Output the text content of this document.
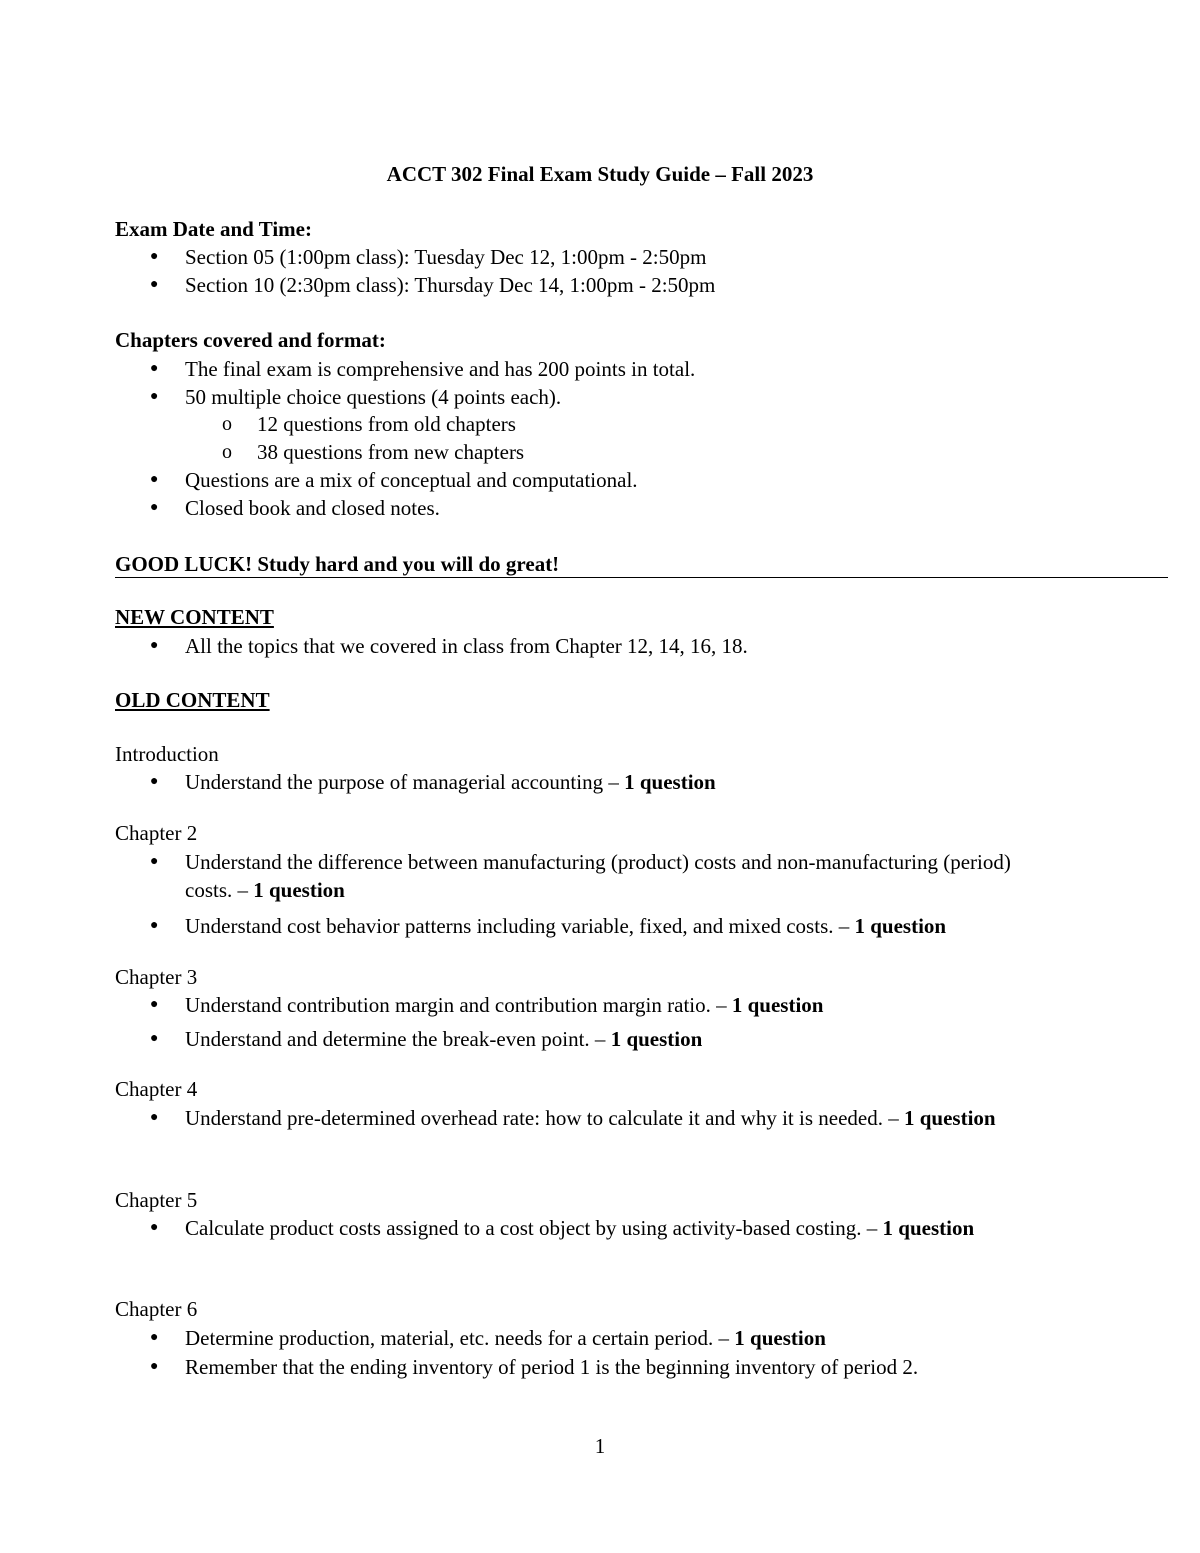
ACCT 302 Final Exam Study Guide – Fall 2023
Exam Date and Time:
● Section 05 (1:00pm class): Tuesday Dec 12, 1:00pm - 2:50pm
● Section 10 (2:30pm class): Thursday Dec 14, 1:00pm - 2:50pm
Chapters covered and format:
● The final exam is comprehensive and has 200 points in total.
● 50 multiple choice questions (4 points each).
o 12 questions from old chapters
o 38 questions from new chapters
● Questions are a mix of conceptual and computational.
● Closed book and closed notes.
GOOD LUCK! Study hard and you will do great!
NEW CONTENT
● All the topics that we covered in class from Chapter 12, 14, 16, 18.
OLD CONTENT
Introduction
● Understand the purpose of managerial accounting – 1 question
Chapter 2
● Understand the difference between manufacturing (product) costs and non-manufacturing (period) costs. – 1 question
● Understand cost behavior patterns including variable, fixed, and mixed costs. – 1 question
Chapter 3
● Understand contribution margin and contribution margin ratio. – 1 question
● Understand and determine the break-even point. – 1 question
Chapter 4
● Understand pre-determined overhead rate: how to calculate it and why it is needed. – 1 question
Chapter 5
● Calculate product costs assigned to a cost object by using activity-based costing. – 1 question
Chapter 6
● Determine production, material, etc. needs for a certain period. – 1 question
● Remember that the ending inventory of period 1 is the beginning inventory of period 2.
1
